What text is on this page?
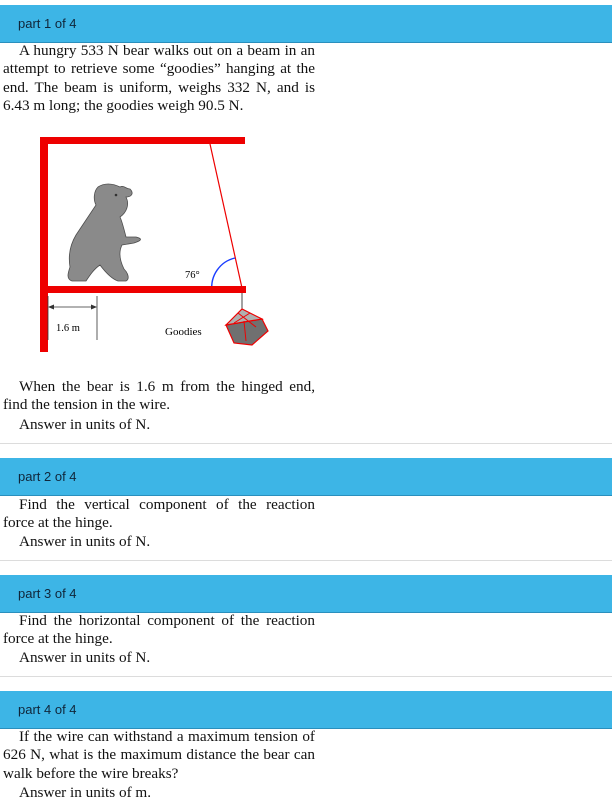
part 1 of 4

A hungry 533 N bear walks out on a beam in an attempt to retrieve some “goodies” hanging at the end. The beam is uniform, weighs 332 N, and is 6.43 m long; the goodies weigh 90.5 N.

76°
1.6 m	Goodies

When the bear is 1.6 m from the hinged end, find the tension in the wire.

Answer in units of N.

part 2 of 4

Find the vertical component of the reaction force at the hinge.

Answer in units of N.

part 3 of 4

Find the horizontal component of the reaction force at the hinge.

Answer in units of N.

part 4 of 4

If the wire can withstand a maximum tension of 626 N, what is the maximum distance the bear can walk before the wire breaks?

Answer in units of m.
